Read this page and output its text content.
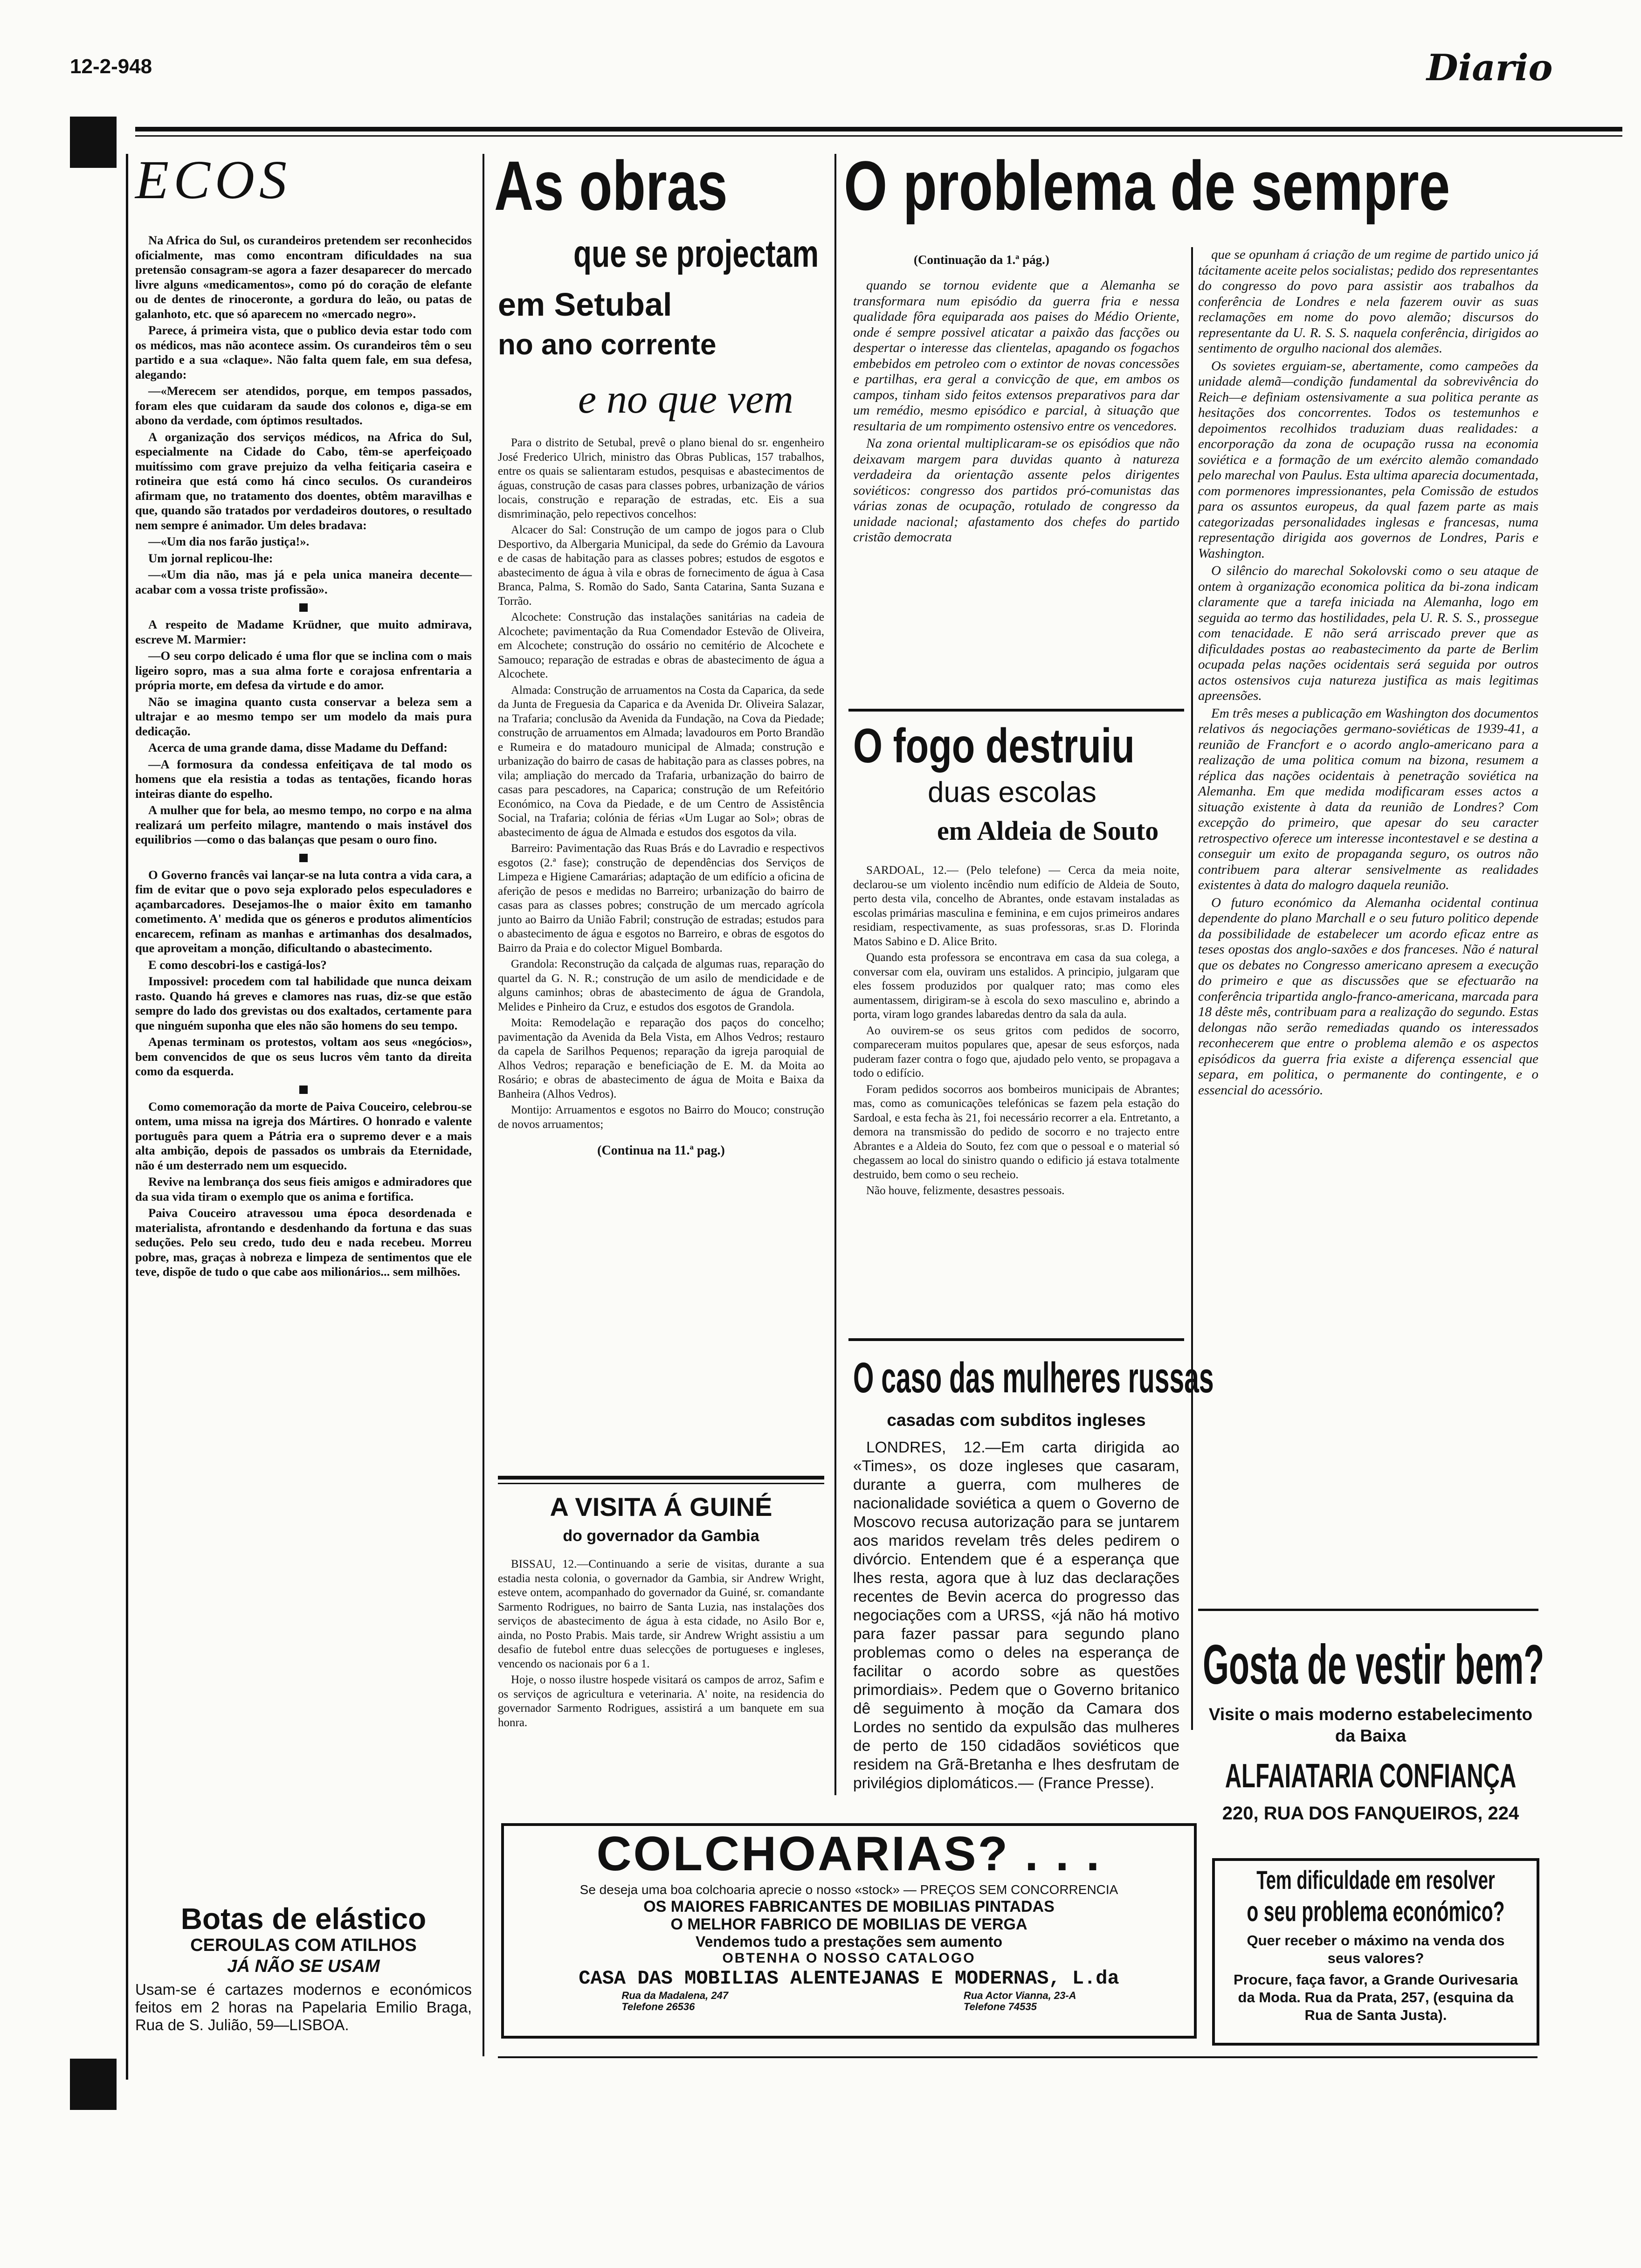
12-2-948	Diario
ECOS

Na Africa do Sul, os curandeiros pretendem ser reconhecidos oficialmente, mas como encontram dificuldades na sua pretensão consagram-se agora a fazer desaparecer do mercado livre alguns «medicamentos», como pó do coração de elefante ou de dentes de rinoceronte, a gordura do leão, ou patas de galanhoto, etc. que só aparecem no «mercado negro».

Parece, á primeira vista, que o publico devia estar todo com os médicos, mas não acontece assim. Os curandeiros têm o seu partido e a sua «claque». Não falta quem fale, em sua defesa, alegando:

—«Merecem ser atendidos, porque, em tempos passados, foram eles que cuidaram da saude dos colonos e, diga-se em abono da verdade, com óptimos resultados.

A organização dos serviços médicos, na Africa do Sul, especialmente na Cidade do Cabo, têm-se aperfeiçoado muitíssimo com grave prejuizo da velha feitiçaria caseira e rotineira que está como há cinco seculos. Os curandeiros afirmam que, no tratamento dos doentes, obtêm maravilhas e que, quando são tratados por verdadeiros doutores, o resultado nem sempre é animador. Um deles bradava:

—«Um dia nos farão justiça!».

Um jornal replicou-lhe:

—«Um dia não, mas já e pela unica maneira decente—acabar com a vossa triste profissão».

A respeito de Madame Krüdner, que muito admirava, escreve M. Marmier:

—O seu corpo delicado é uma flor que se inclina com o mais ligeiro sopro, mas a sua alma forte e corajosa enfrentaria a própria morte, em defesa da virtude e do amor.

Não se imagina quanto custa conservar a beleza sem a ultrajar e ao mesmo tempo ser um modelo da mais pura dedicação.

Acerca de uma grande dama, disse Madame du Deffand:

—A formosura da condessa enfeitiçava de tal modo os homens que ela resistia a todas as tentações, ficando horas inteiras diante do espelho.

A mulher que for bela, ao mesmo tempo, no corpo e na alma realizará um perfeito milagre, mantendo o mais instável dos equilibrios —como o das balanças que pesam o ouro fino.

O Governo francês vai lançar-se na luta contra a vida cara, a fim de evitar que o povo seja explorado pelos especuladores e açambarcadores. Desejamos-lhe o maior êxito em tamanho cometimento. A' medida que os géneros e produtos alimentícios encarecem, refinam as manhas e artimanhas dos desalmados, que aproveitam a monção, dificultando o abastecimento.

E como descobri-los e castigá-los?

Impossivel: procedem com tal habilidade que nunca deixam rasto. Quando há greves e clamores nas ruas, diz-se que estão sempre do lado dos grevistas ou dos exaltados, certamente para que ninguém suponha que eles não são homens do seu tempo.

Apenas terminam os protestos, voltam aos seus «negócios», bem convencidos de que os seus lucros vêm tanto da direita como da esquerda.

Como comemoração da morte de Paiva Couceiro, celebrou-se ontem, uma missa na igreja dos Mártires. O honrado e valente português para quem a Pátria era o supremo dever e a mais alta ambição, depois de passados os umbrais da Eternidade, não é um desterrado nem um esquecido.

Revive na lembrança dos seus fieis amigos e admiradores que da sua vida tiram o exemplo que os anima e fortifica.

Paiva Couceiro atravessou uma época desordenada e materialista, afrontando e desdenhando da fortuna e das suas seduções. Pelo seu credo, tudo deu e nada recebeu. Morreu pobre, mas, graças à nobreza e limpeza de sentimentos que ele teve, dispõe de tudo o que cabe aos milionários... sem milhões.

Botas de elástico
CEROULAS COM ATILHOS
JÁ NÃO SE USAM
Usam-se é cartazes modernos e económicos feitos em 2 horas na Papelaria Emilio Braga, Rua de S. Julião, 59—LISBOA.
As obras
que se projectam
em Setubal
no ano corrente
e no que vem

Para o distrito de Setubal, prevê o plano bienal do sr. engenheiro José Frederico Ulrich, ministro das Obras Publicas, 157 trabalhos, entre os quais se salientaram estudos, pesquisas e abastecimentos de águas, construção de casas para classes pobres, urbanização de vários locais, construção e reparação de estradas, etc. Eis a sua dismriminação, pelo repectivos concelhos:

Alcacer do Sal: Construção de um campo de jogos para o Club Desportivo, da Albergaria Municipal, da sede do Grémio da Lavoura e de casas de habitação para as classes pobres; estudos de esgotos e abastecimento de água à vila e obras de fornecimento de água à Casa Branca, Palma, S. Romão do Sado, Santa Catarina, Santa Suzana e Torrão.

Alcochete: Construção das instalações sanitárias na cadeia de Alcochete; pavimentação da Rua Comendador Estevão de Oliveira, em Alcochete; construção do ossário no cemitério de Alcochete e Samouco; reparação de estradas e obras de abastecimento de água a Alcochete.

Almada: Construção de arruamentos na Costa da Caparica, da sede da Junta de Freguesia da Caparica e da Avenida Dr. Oliveira Salazar, na Trafaria; conclusão da Avenida da Fundação, na Cova da Piedade; construção de arruamentos em Almada; lavadouros em Porto Brandão e Rumeira e do matadouro municipal de Almada; construção e urbanização do bairro de casas de habitação para as classes pobres, na vila; ampliação do mercado da Trafaria, urbanização do bairro de casas para pescadores, na Caparica; construção de um Refeitório Económico, na Cova da Piedade, e de um Centro de Assistência Social, na Trafaria; colónia de férias «Um Lugar ao Sol»; obras de abastecimento de água de Almada e estudos dos esgotos da vila.

Barreiro: Pavimentação das Ruas Brás e do Lavradio e respectivos esgotos (2.ª fase); construção de dependências dos Serviços de Limpeza e Higiene Camarárias; adaptação de um edifício a oficina de aferição de pesos e medidas no Barreiro; urbanização do bairro de casas para as classes pobres; construção de um mercado agrícola junto ao Bairro da União Fabril; construção de estradas; estudos para o abastecimento de água e esgotos no Barreiro, e obras de esgotos do Bairro da Praia e do colector Miguel Bombarda.

Grandola: Reconstrução da calçada de algumas ruas, reparação do quartel da G. N. R.; construção de um asilo de mendicidade e de alguns caminhos; obras de abastecimento de água de Grandola, Melides e Pinheiro da Cruz, e estudos dos esgotos de Grandola.

Moita: Remodelação e reparação dos paços do concelho; pavimentação da Avenida da Bela Vista, em Alhos Vedros; restauro da capela de Sarilhos Pequenos; reparação da igreja paroquial de Alhos Vedros; reparação e beneficiação de E. M. da Moita ao Rosário; e obras de abastecimento de água de Moita e Baixa da Banheira (Alhos Vedros).

Montijo: Arruamentos e esgotos no Bairro do Mouco; construção de novos arruamentos;

(Continua na 11.ª pag.)
A VISITA Á GUINÉ
do governador da Gambia

BISSAU, 12.—Continuando a serie de visitas, durante a sua estadia nesta colonia, o governador da Gambia, sir Andrew Wright, esteve ontem, acompanhado do governador da Guiné, sr. comandante Sarmento Rodrigues, no bairro de Santa Luzia, nas instalações dos serviços de abastecimento de água à esta cidade, no Asilo Bor e, ainda, no Posto Prabis. Mais tarde, sir Andrew Wright assistiu a um desafio de futebol entre duas selecções de portugueses e ingleses, vencendo os nacionais por 6 a 1.

Hoje, o nosso ilustre hospede visitará os campos de arroz, Safim e os serviços de agricultura e veterinaria. A' noite, na residencia do governador Sarmento Rodrigues, assistirá a um banquete em sua honra.

O problema de sempre
(Continuação da 1.ª pág.)

quando se tornou evidente que a Alemanha se transformara num episódio da guerra fria e nessa qualidade fôra equiparada aos paises do Médio Oriente, onde é sempre possivel aticatar a paixão das facções ou despertar o interesse das clientelas, apagando os fogachos embebidos em petroleo com o extintor de novas concessões e partilhas, era geral a convicção de que, em ambos os campos, tinham sido feitos extensos preparativos para dar um remédio, mesmo episódico e parcial, à situação que resultaria de um rompimento ostensivo entre os vencedores.

Na zona oriental multiplicaram-se os episódios que não deixavam margem para duvidas quanto à natureza verdadeira da orientação assente pelos dirigentes soviéticos: congresso dos partidos pró-comunistas das várias zonas de ocupação, rotulado de congresso da unidade nacional; afastamento dos chefes do partido cristão democrata

que se opunham á criação de um regime de partido unico já tácitamente aceite pelos socialistas; pedido dos representantes do congresso do povo para assistir aos trabalhos da conferência de Londres e nela fazerem ouvir as suas reclamações em nome do povo alemão; discursos do representante da U. R. S. S. naquela conferência, dirigidos ao sentimento de orgulho nacional dos alemães.

Os sovietes erguiam-se, abertamente, como campeões da unidade alemã—condição fundamental da sobrevivência do Reich—e definiam ostensivamente a sua politica perante as hesitações dos concorrentes. Todos os testemunhos e depoimentos recolhidos traduziam duas realidades: a encorporação da zona de ocupação russa na economia soviética e a formação de um exército alemão comandado pelo marechal von Paulus. Esta ultima aparecia documentada, com pormenores impressionantes, pela Comissão de estudos para os assuntos europeus, da qual fazem parte as mais categorizadas personalidades inglesas e francesas, numa representação dirigida aos governos de Londres, Paris e Washington.

O silêncio do marechal Sokolovski como o seu ataque de ontem à organização economica politica da bi-zona indicam claramente que a tarefa iniciada na Alemanha, logo em seguida ao termo das hostilidades, pela U. R. S. S., prossegue com tenacidade. E não será arriscado prever que as dificuldades postas ao reabastecimento da parte de Berlim ocupada pelas nações ocidentais será seguida por outros actos ostensivos cuja natureza justifica as mais legitimas apreensões.

Em três meses a publicação em Washington dos documentos relativos ás negociações germano-soviéticas de 1939-41, a reunião de Francfort e o acordo anglo-americano para a realização de uma politica comum na bizona, resumem a réplica das nações ocidentais à penetração soviética na Alemanha. Em que medida modificaram esses actos a situação existente à data da reunião de Londres? Com excepção do primeiro, que apesar do seu caracter retrospectivo oferece um interesse incontestavel e se destina a conseguir um exito de propaganda seguro, os outros não contribuem para alterar sensivelmente as realidades existentes à data do malogro daquela reunião.

O futuro económico da Alemanha ocidental continua dependente do plano Marchall e o seu futuro politico depende da possibilidade de estabelecer um acordo eficaz entre as teses opostas dos anglo-saxões e dos franceses. Não é natural que os debates no Congresso americano apresem a execução do primeiro e que as discussões que se efectuarão na conferência tripartida anglo-franco-americana, marcada para 18 dêste mês, contribuam para a realização do segundo. Estas delongas não serão remediadas quando os interessados reconhecerem que entre o problema alemão e os aspectos episódicos da guerra fria existe a diferença essencial que separa, em politica, o permanente do contingente, e o essencial do acessório.

O fogo destruiu
duas escolas
em Aldeia de Souto

SARDOAL, 12.— (Pelo telefone) — Cerca da meia noite, declarou-se um violento incêndio num edifício de Aldeia de Souto, perto desta vila, concelho de Abrantes, onde estavam instaladas as escolas primárias masculina e feminina, e em cujos primeiros andares residiam, respectivamente, as suas professoras, sr.as D. Florinda Matos Sabino e D. Alice Brito.

Quando esta professora se encontrava em casa da sua colega, a conversar com ela, ouviram uns estalidos. A principio, julgaram que eles fossem produzidos por qualquer rato; mas como eles aumentassem, dirigiram-se à escola do sexo masculino e, abrindo a porta, viram logo grandes labaredas dentro da sala da aula.

Ao ouvirem-se os seus gritos com pedidos de socorro, compareceram muitos populares que, apesar de seus esforços, nada puderam fazer contra o fogo que, ajudado pelo vento, se propagava a todo o edifício.

Foram pedidos socorros aos bombeiros municipais de Abrantes; mas, como as comunicações telefónicas se fazem pela estação do Sardoal, e esta fecha às 21, foi necessário recorrer a ela. Entretanto, a demora na transmissão do pedido de socorro e no trajecto entre Abrantes e a Aldeia do Souto, fez com que o pessoal e o material só chegassem ao local do sinistro quando o edificio já estava totalmente destruido, bem como o seu recheio.

Não houve, felizmente, desastres pessoais.

O caso das mulheres russas
casadas com subditos ingleses

LONDRES, 12.—Em carta dirigida ao «Times», os doze ingleses que casaram, durante a guerra, com mulheres de nacionalidade soviética a quem o Governo de Moscovo recusa autorização para se juntarem aos maridos revelam três deles pedirem o divórcio. Entendem que é a esperança que lhes resta, agora que à luz das declarações recentes de Bevin acerca do progresso das negociações com a URSS, «já não há motivo para fazer passar para segundo plano problemas como o deles na esperança de facilitar o acordo sobre as questões primordiais». Pedem que o Governo britanico dê seguimento à moção da Camara dos Lordes no sentido da expulsão das mulheres de perto de 150 cidadãos soviéticos que residem na Grã-Bretanha e lhes desfrutam de privilégios diplomáticos.— (France Presse).

Gosta de vestir bem?
Visite o mais moderno estabelecimento da Baixa
ALFAIATARIA CONFIANÇA
220, RUA DOS FANQUEIROS, 224
COLCHOARIAS? . . .
Se deseja uma boa colchoaria aprecie o nosso «stock» — PREÇOS SEM CONCORRENCIA
OS MAIORES FABRICANTES DE MOBILIAS PINTADAS
O MELHOR FABRICO DE MOBILIAS DE VERGA
Vendemos tudo a prestações sem aumento
OBTENHA O NOSSO CATALOGO
CASA DAS MOBILIAS ALENTEJANAS E MODERNAS, L.da
Rua da Madalena, 247
Telefone 26536
Rua Actor Vianna, 23-A
Telefone 74535
Tem dificuldade em resolver
o seu problema económico?
Quer receber o máximo na venda dos seus valores?
Procure, faça favor, a Grande Ourivesaria da Moda. Rua da Prata, 257, (esquina da Rua de Santa Justa).
